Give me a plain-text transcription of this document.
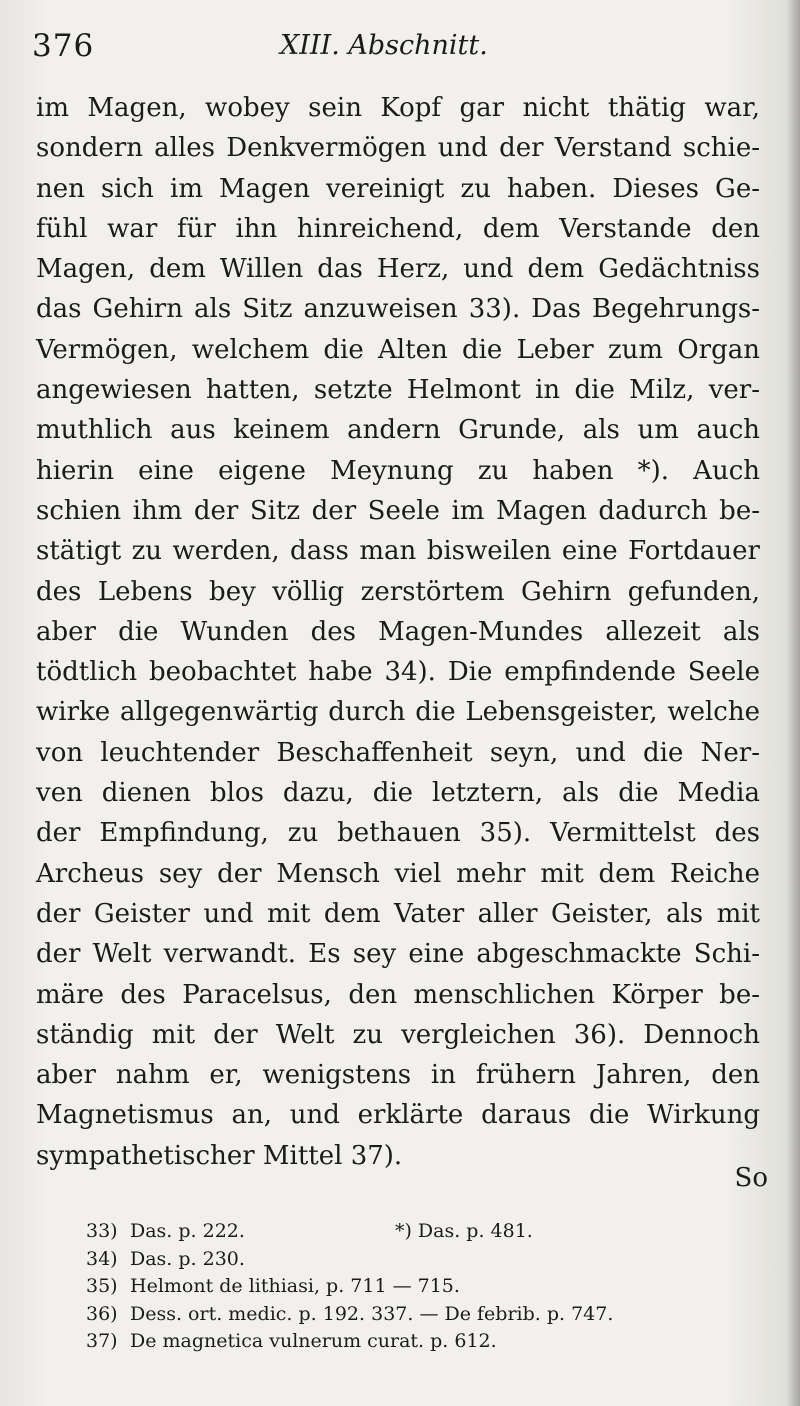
376	XIII. Abschnitt.
im Magen, wobey sein Kopf gar nicht thätig war,
sondern alles Denkvermögen und der Verstand schie-
nen sich im Magen vereinigt zu haben. Dieses Ge-
fühl war für ihn hinreichend, dem Verstande den
Magen, dem Willen das Herz, und dem Gedächtniss
das Gehirn als Sitz anzuweisen 33). Das Begehrungs-
Vermögen, welchem die Alten die Leber zum Organ
angewiesen hatten, setzte Helmont in die Milz, ver-
muthlich aus keinem andern Grunde, als um auch
hierin eine eigene Meynung zu haben *). Auch
schien ihm der Sitz der Seele im Magen dadurch be-
stätigt zu werden, dass man bisweilen eine Fortdauer
des Lebens bey völlig zerstörtem Gehirn gefunden,
aber die Wunden des Magen-Mundes allezeit als
tödtlich beobachtet habe 34). Die empfindende Seele
wirke allgegenwärtig durch die Lebensgeister, welche
von leuchtender Beschaffenheit seyn, und die Ner-
ven dienen blos dazu, die letztern, als die Media
der Empfindung, zu bethauen 35). Vermittelst des
Archeus sey der Mensch viel mehr mit dem Reiche
der Geister und mit dem Vater aller Geister, als mit
der Welt verwandt. Es sey eine abgeschmackte Schi-
märe des Paracelsus, den menschlichen Körper be-
ständig mit der Welt zu vergleichen 36). Dennoch
aber nahm er, wenigstens in frühern Jahren, den
Magnetismus an, und erklärte daraus die Wirkung
sympathetischer Mittel 37).
So
33) Das. p. 222.	*) Das. p. 481.
34) Das. p. 230.
35) Helmont de lithiasi, p. 711 — 715.
36) Dess. ort. medic. p. 192. 337. — De febrib. p. 747.
37) De magnetica vulnerum curat. p. 612.
